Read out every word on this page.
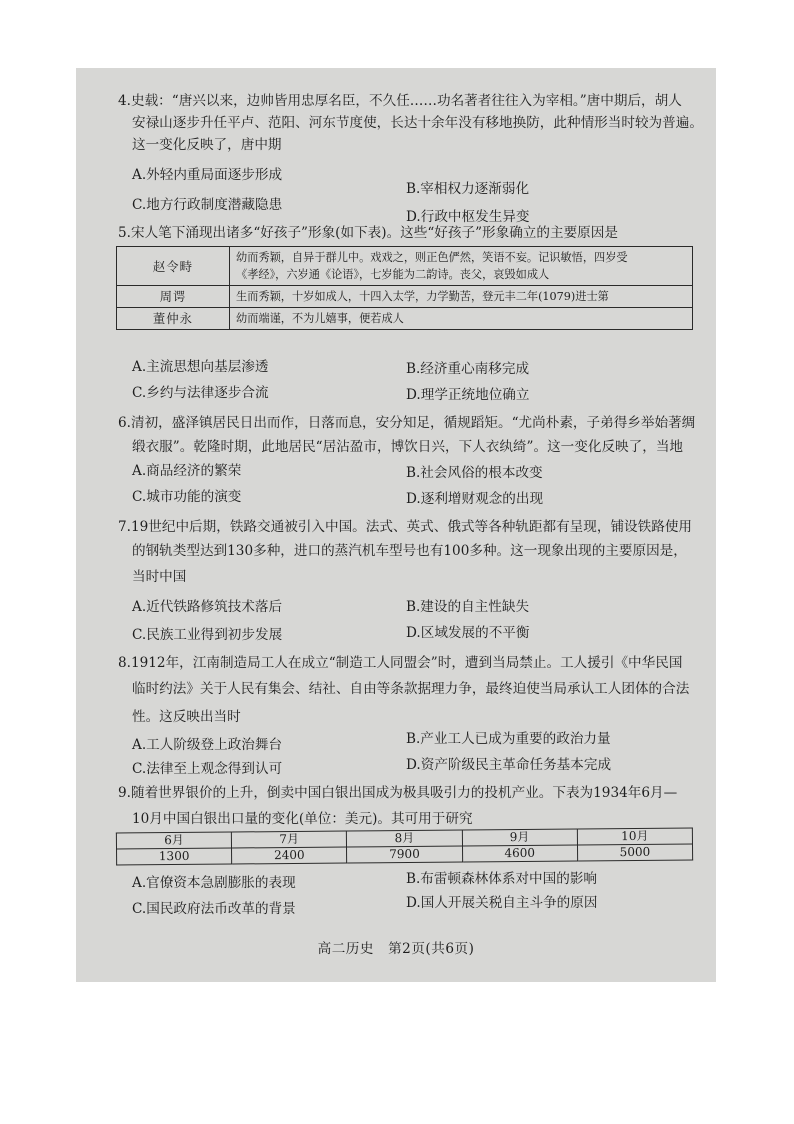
4.史载：“唐兴以来，边帅皆用忠厚名臣，不久任……功名著者往往入为宰相。”唐中期后，胡人
安禄山逐步升任平卢、范阳、河东节度使，长达十余年没有移地换防，此种情形当时较为普遍。
这一变化反映了，唐中期
A.外轻内重局面逐步形成
B.宰相权力逐渐弱化
C.地方行政制度潜藏隐患
D.行政中枢发生异变
5.宋人笔下涌现出诸多“好孩子”形象(如下表)。这些“好孩子”形象确立的主要原因是
赵令畤	幼而秀颖，自异于群儿中。戏戏之，则正色俨然，笑语不妄。记识敏悟，四岁受
《孝经》，六岁通《论语》，七岁能为二韵诗。丧父，哀毁如成人

周谔	生而秀颖，十岁如成人，十四入太学，力学勤苦，登元丰二年(1079)进士第

董仲永	幼而端谨，不为儿嬉事，便若成人
A.主流思想向基层渗透	B.经济重心南移完成
C.乡约与法律逐步合流	D.理学正统地位确立
6.清初，盛泽镇居民日出而作，日落而息，安分知足，循规蹈矩。“尤尚朴素，子弟得乡举始著绸
缎衣服”。乾隆时期，此地居民“居沾盈市，博饮日兴，下人衣纨绮”。这一变化反映了，当地
A.商品经济的繁荣	B.社会风俗的根本改变
C.城市功能的演变	D.逐利增财观念的出现
7.19世纪中后期，铁路交通被引入中国。法式、英式、俄式等各种轨距都有呈现，铺设铁路使用
的钢轨类型达到130多种，进口的蒸汽机车型号也有100多种。这一现象出现的主要原因是，
当时中国
A.近代铁路修筑技术落后	B.建设的自主性缺失
C.民族工业得到初步发展	D.区域发展的不平衡
8.1912年，江南制造局工人在成立“制造工人同盟会”时，遭到当局禁止。工人援引《中华民国
临时约法》关于人民有集会、结社、自由等条款据理力争，最终迫使当局承认工人团体的合法
性。这反映出当时
A.工人阶级登上政治舞台	B.产业工人已成为重要的政治力量
C.法律至上观念得到认可	D.资产阶级民主革命任务基本完成
9.随着世界银价的上升，倒卖中国白银出国成为极具吸引力的投机产业。下表为1934年6月—
10月中国白银出口量的变化(单位：美元)。其可用于研究
6月	7月	8月	9月	10月
1300	2400	7900	4600	5000
A.官僚资本急剧膨胀的表现	B.布雷顿森林体系对中国的影响
C.国民政府法币改革的背景	D.国人开展关税自主斗争的原因
高二历史　第2页(共6页)
